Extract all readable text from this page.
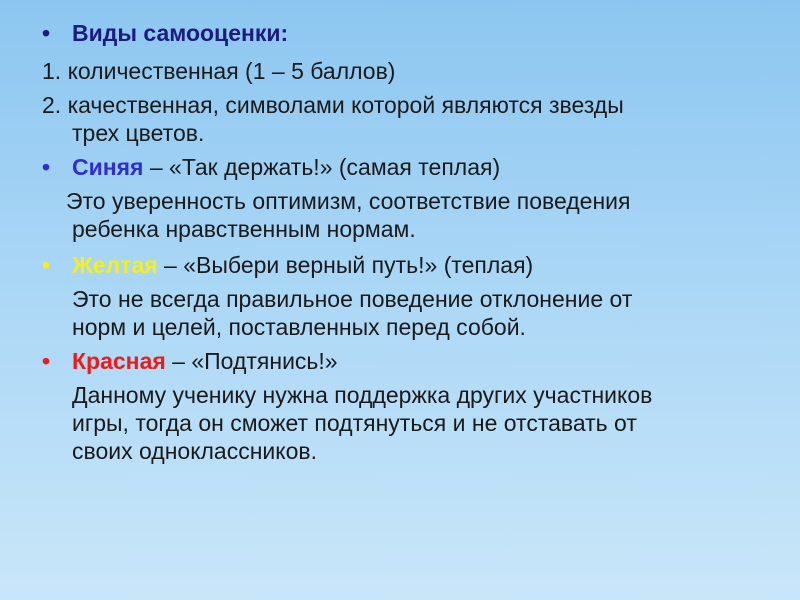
• Виды самооценки:
1. количественная (1 – 5 баллов)
2. качественная, символами которой являются звезды
трех цветов.
• Синяя – «Так держать!» (самая теплая)
Это уверенность оптимизм, соответствие поведения
ребенка нравственным нормам.
• Желтая – «Выбери верный путь!» (теплая)
Это не всегда правильное поведение отклонение от
норм и целей, поставленных перед собой.
• Красная – «Подтянись!»
Данному ученику нужна поддержка других участников
игры, тогда он сможет подтянуться и не отставать от
своих одноклассников.
